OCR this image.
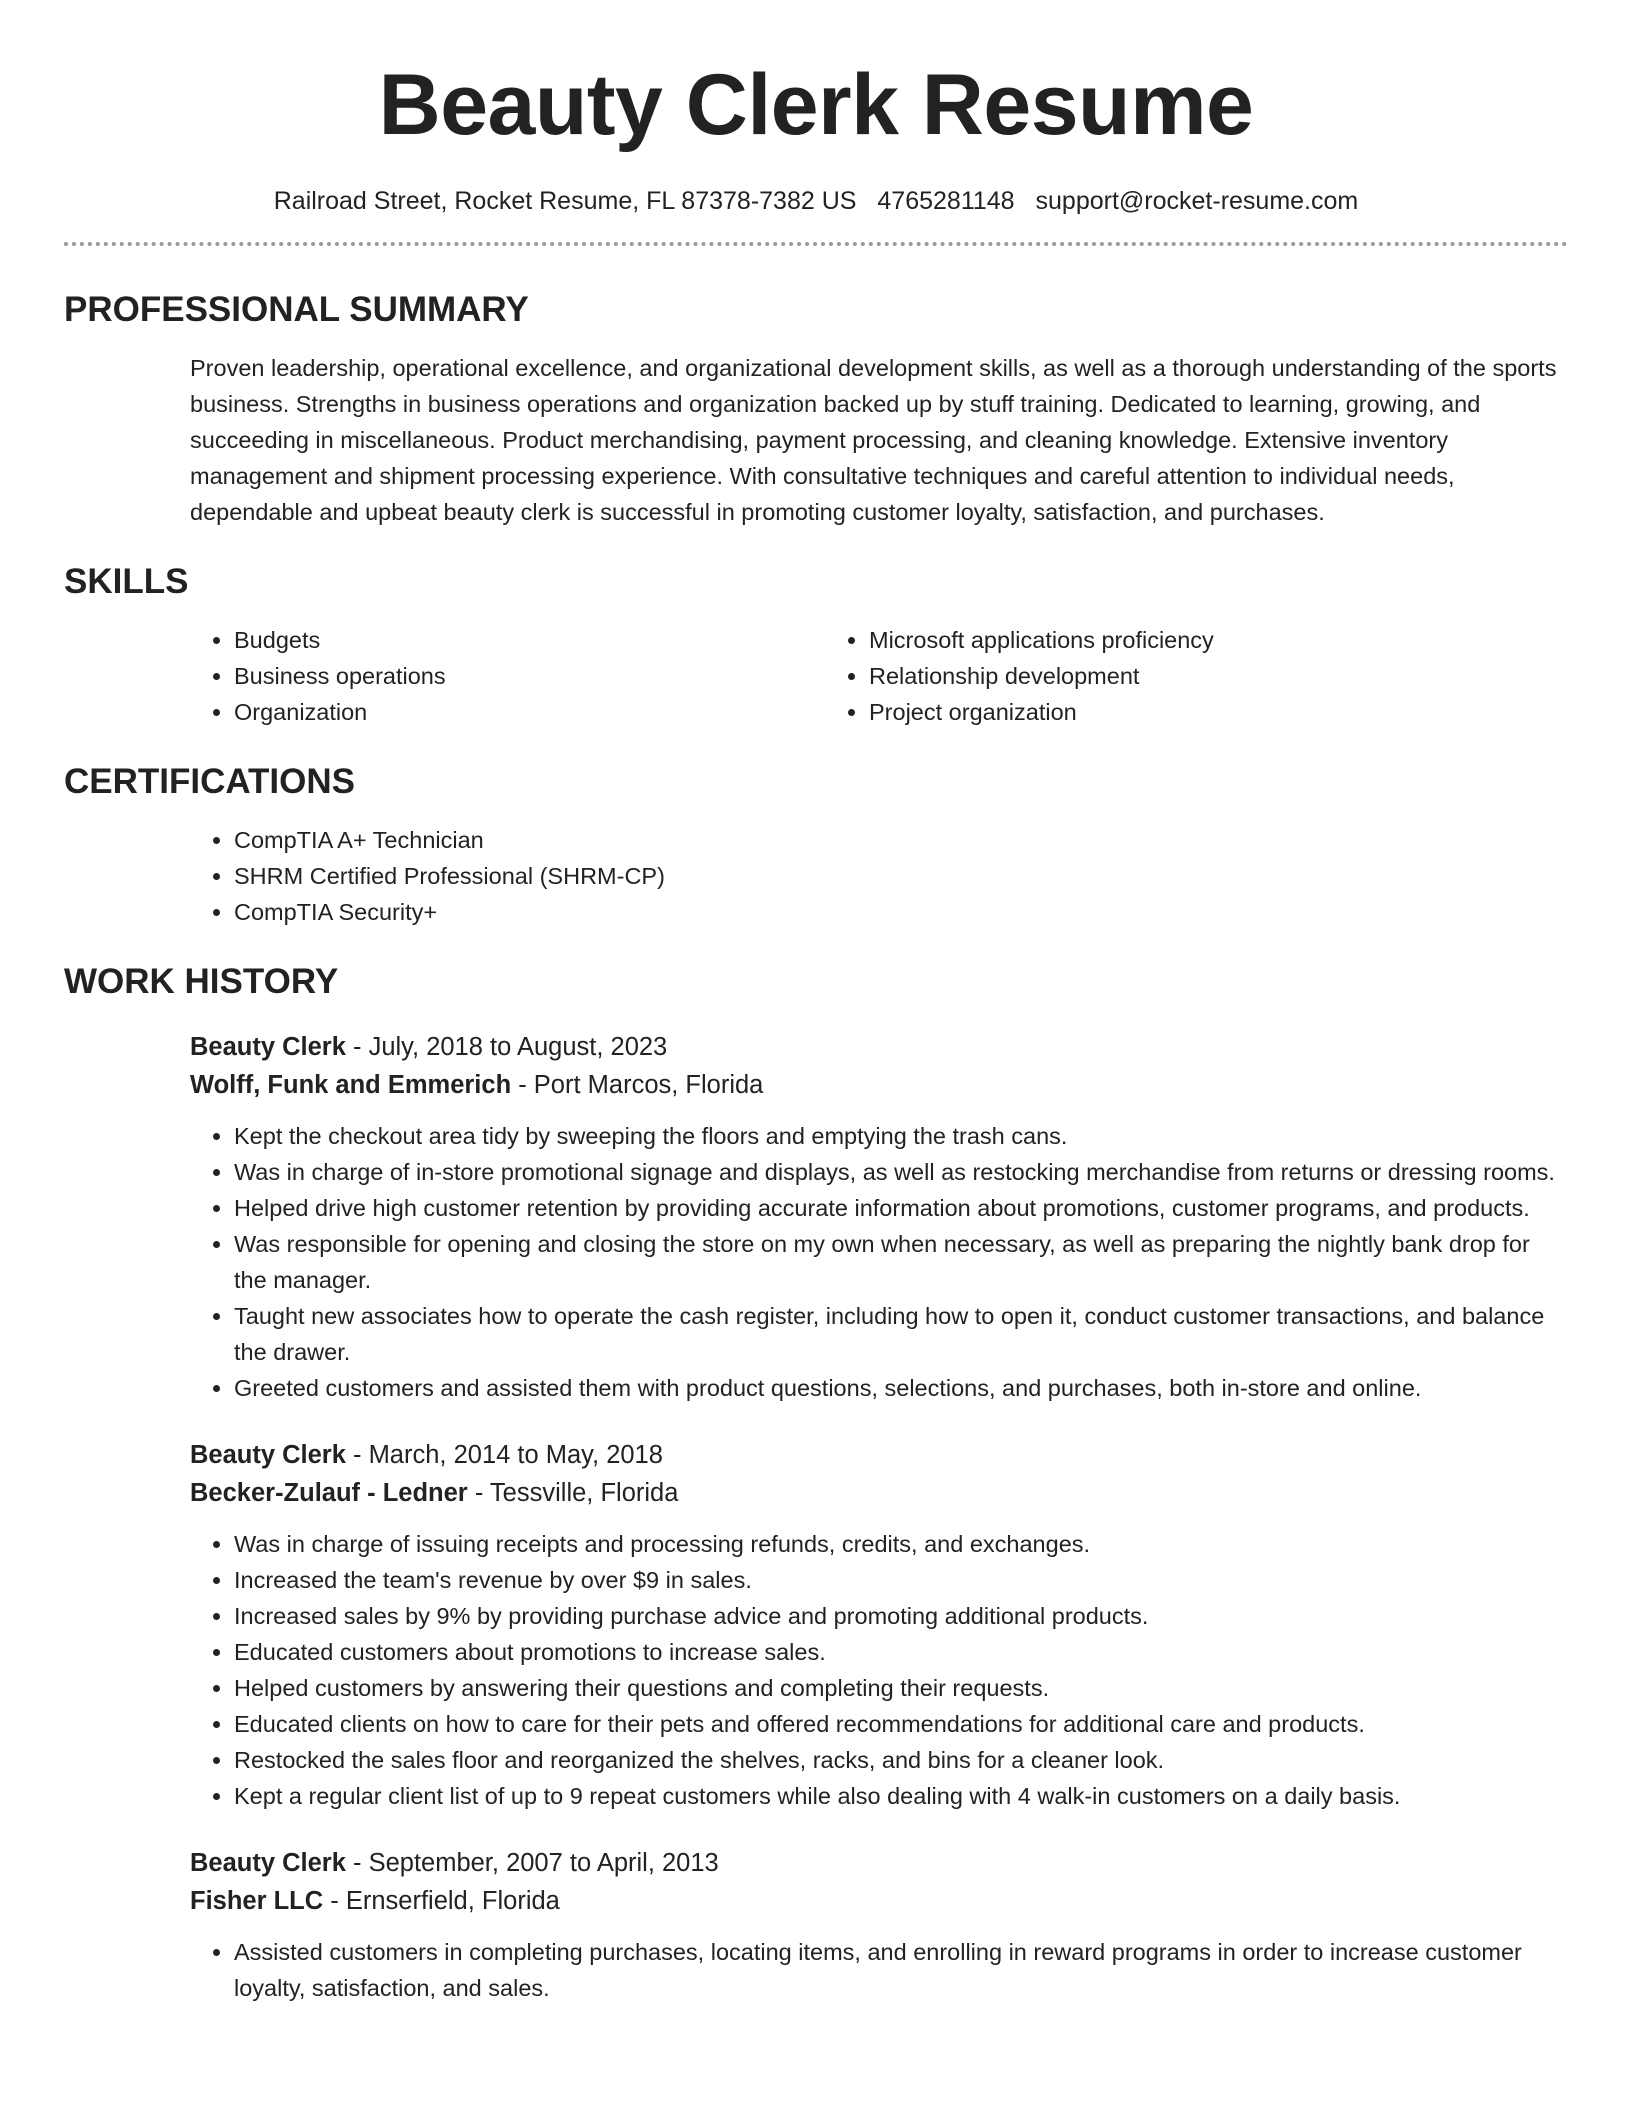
Beauty Clerk Resume
Railroad Street, Rocket Resume, FL 87378-7382 US 4765281148 support@rocket-resume.com
PROFESSIONAL SUMMARY
Proven leadership, operational excellence, and organizational development skills, as well as a thorough understanding of the sports business. Strengths in business operations and organization backed up by stuff training. Dedicated to learning, growing, and succeeding in miscellaneous. Product merchandising, payment processing, and cleaning knowledge. Extensive inventory management and shipment processing experience. With consultative techniques and careful attention to individual needs, dependable and upbeat beauty clerk is successful in promoting customer loyalty, satisfaction, and purchases.
SKILLS
• Budgets
• Business operations
• Organization
• Microsoft applications proficiency
• Relationship development
• Project organization
CERTIFICATIONS
• CompTIA A+ Technician
• SHRM Certified Professional (SHRM-CP)
• CompTIA Security+
WORK HISTORY
Beauty Clerk - July, 2018 to August, 2023
Wolff, Funk and Emmerich - Port Marcos, Florida
• Kept the checkout area tidy by sweeping the floors and emptying the trash cans.
• Was in charge of in-store promotional signage and displays, as well as restocking merchandise from returns or dressing rooms.
• Helped drive high customer retention by providing accurate information about promotions, customer programs, and products.
• Was responsible for opening and closing the store on my own when necessary, as well as preparing the nightly bank drop for the manager.
• Taught new associates how to operate the cash register, including how to open it, conduct customer transactions, and balance the drawer.
• Greeted customers and assisted them with product questions, selections, and purchases, both in-store and online.
Beauty Clerk - March, 2014 to May, 2018
Becker-Zulauf - Ledner - Tessville, Florida
• Was in charge of issuing receipts and processing refunds, credits, and exchanges.
• Increased the team's revenue by over $9 in sales.
• Increased sales by 9% by providing purchase advice and promoting additional products.
• Educated customers about promotions to increase sales.
• Helped customers by answering their questions and completing their requests.
• Educated clients on how to care for their pets and offered recommendations for additional care and products.
• Restocked the sales floor and reorganized the shelves, racks, and bins for a cleaner look.
• Kept a regular client list of up to 9 repeat customers while also dealing with 4 walk-in customers on a daily basis.
Beauty Clerk - September, 2007 to April, 2013
Fisher LLC - Ernserfield, Florida
• Assisted customers in completing purchases, locating items, and enrolling in reward programs in order to increase customer loyalty, satisfaction, and sales.
